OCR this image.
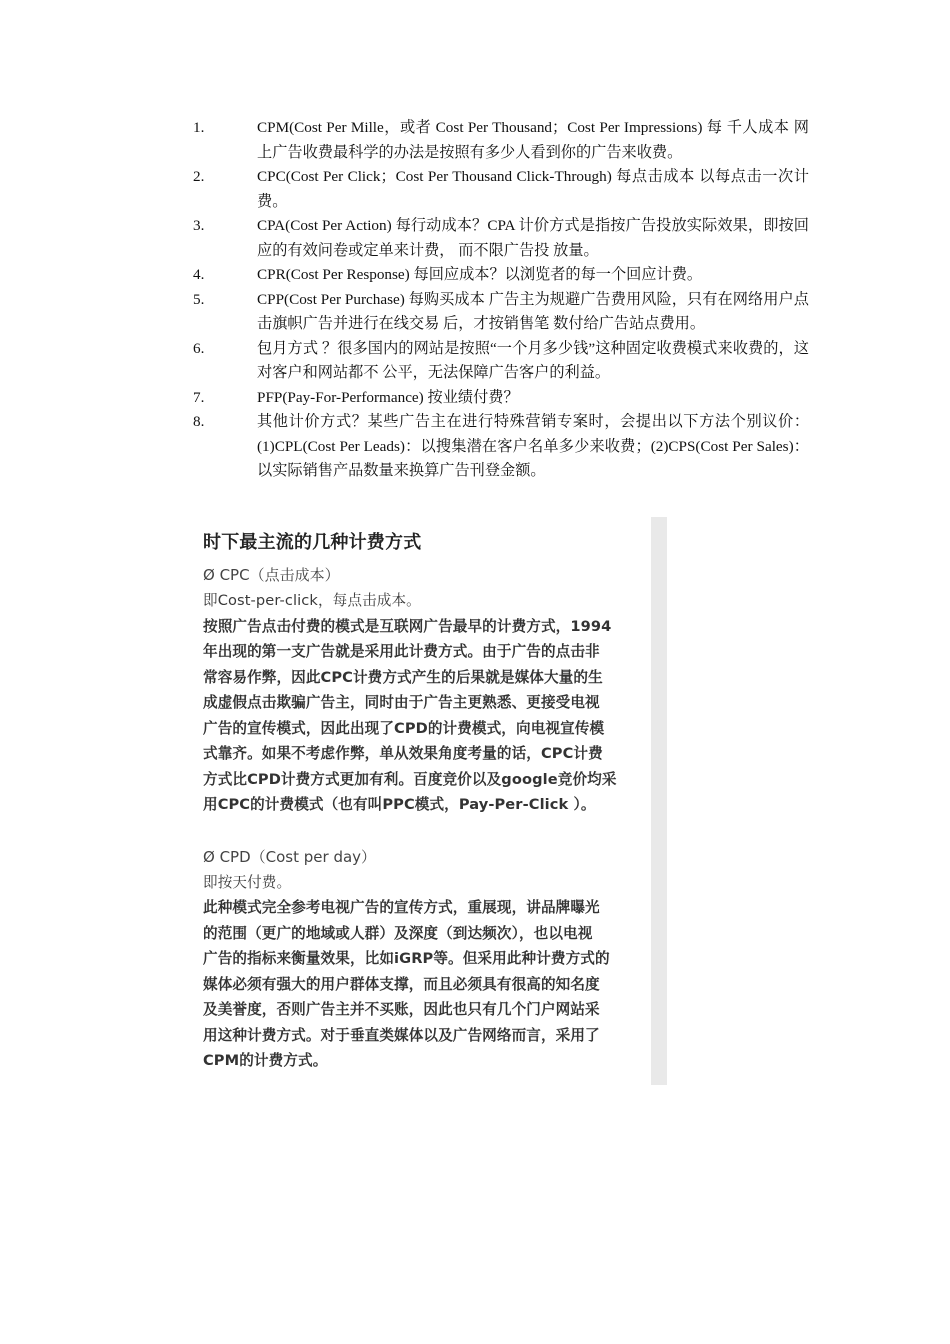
1.	CPM(Cost Per Mille，或者 Cost Per Thousand；Cost Per Impressions) 每 千人成本 网上广告收费最科学的办法是按照有多少人看到你的广告来收费。
2.	CPC(Cost Per Click；Cost Per Thousand Click-Through) 每点击成本 以每点击一次计费。
3.	CPA(Cost Per Action) 每行动成本？CPA 计价方式是指按广告投放实际效果，即按回应的有效问卷或定单来计费， 而不限广告投 放量。
4.	CPR(Cost Per Response) 每回应成本？以浏览者的每一个回应计费。
5.	CPP(Cost Per Purchase) 每购买成本 广告主为规避广告费用风险，只有在网络用户点击旗帜广告并进行在线交易 后，才按销售笔 数付给广告站点费用。
6.	包月方式 ？很多国内的网站是按照“一个月多少钱”这种固定收费模式来收费的，这 对客户和网站都不 公平，无法保障广告客户的利益。
7.	PFP(Pay-For-Performance) 按业绩付费？
8.	其他计价方式？某些广告主在进行特殊营销专案时，会提出以下方法个别议价：(1)CPL(Cost Per Leads)：以搜集潜在客户名单多少来收费；(2)CPS(Cost Per Sales)：以实际销售产品数量来换算广告刊登金额。
时下最主流的几种计费方式
Ø CPC（点击成本）
即Cost-per-click，每点击成本。
按照广告点击付费的模式是互联网广告最早的计费方式，1994
年出现的第一支广告就是采用此计费方式。由于广告的点击非
常容易作弊，因此CPC计费方式产生的后果就是媒体大量的生
成虚假点击欺骗广告主，同时由于广告主更熟悉、更接受电视
广告的宣传模式，因此出现了CPD的计费模式，向电视宣传模
式靠齐。如果不考虑作弊，单从效果角度考量的话，CPC计费
方式比CPD计费方式更加有利。百度竞价以及google竞价均采
用CPC的计费模式（也有叫PPC模式，Pay-Per-Click ）。
Ø CPD（Cost per day）
即按天付费。
此种模式完全参考电视广告的宣传方式，重展现，讲品牌曝光
的范围（更广的地域或人群）及深度（到达频次），也以电视
广告的指标来衡量效果，比如iGRP等。但采用此种计费方式的
媒体必须有强大的用户群体支撑，而且必须具有很高的知名度
及美誉度，否则广告主并不买账，因此也只有几个门户网站采
用这种计费方式。对于垂直类媒体以及广告网络而言，采用了
CPM的计费方式。
